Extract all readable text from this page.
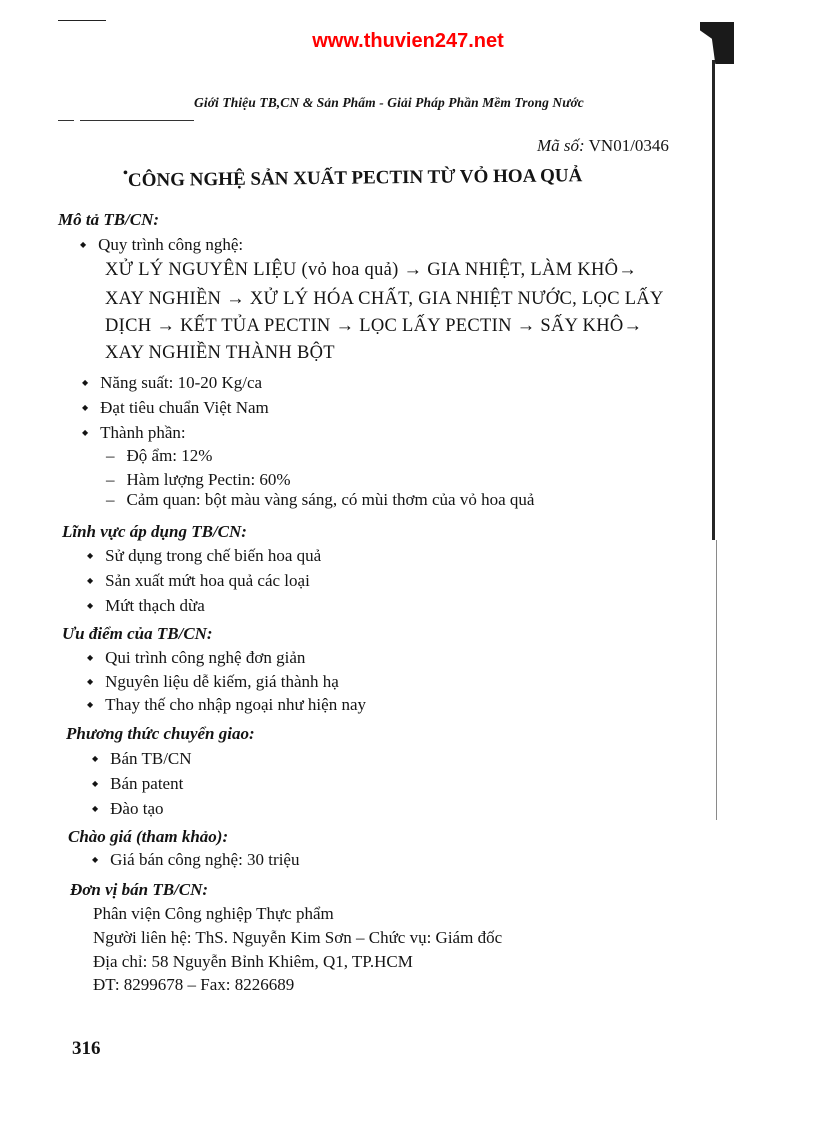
www.thuvien247.net
Giới Thiệu TB,CN & Sản Phẩm - Giải Pháp Phần Mềm Trong Nước
Mã số: VN01/0346
• CÔNG NGHỆ SẢN XUẤT PECTIN TỪ VỎ HOA QUẢ
Mô tả TB/CN:
◆ Quy trình công nghệ:
XỬ LÝ NGUYÊN LIỆU (vỏ hoa quả) → GIA NHIỆT, LÀM KHÔ→
XAY NGHIỀN → XỬ LÝ HÓA CHẤT, GIA NHIỆT NƯỚC, LỌC LẤY
DỊCH → KẾT TỦA PECTIN → LỌC LẤY PECTIN → SẤY KHÔ→
XAY NGHIỀN THÀNH BỘT
◆ Năng suất: 10-20 Kg/ca
◆ Đạt tiêu chuẩn Việt Nam
◆ Thành phần:
– Độ ẩm: 12%
– Hàm lượng Pectin: 60%
– Cảm quan: bột màu vàng sáng, có mùi thơm của vỏ hoa quả
Lĩnh vực áp dụng TB/CN:
◆ Sử dụng trong chế biến hoa quả
◆ Sản xuất mứt hoa quả các loại
◆ Mứt thạch dừa
Ưu điểm của TB/CN:
◆ Qui trình công nghệ đơn giản
◆ Nguyên liệu dễ kiếm, giá thành hạ
◆ Thay thế cho nhập ngoại như hiện nay
Phương thức chuyển giao:
◆ Bán TB/CN
◆ Bán patent
◆ Đào tạo
Chào giá (tham khảo):
◆ Giá bán công nghệ: 30 triệu
Đơn vị bán TB/CN:
Phân viện Công nghiệp Thực phẩm
Người liên hệ: ThS. Nguyễn Kim Sơn – Chức vụ: Giám đốc
Địa chỉ: 58 Nguyễn Bỉnh Khiêm, Q1, TP.HCM
ĐT: 8299678 – Fax: 8226689
316
